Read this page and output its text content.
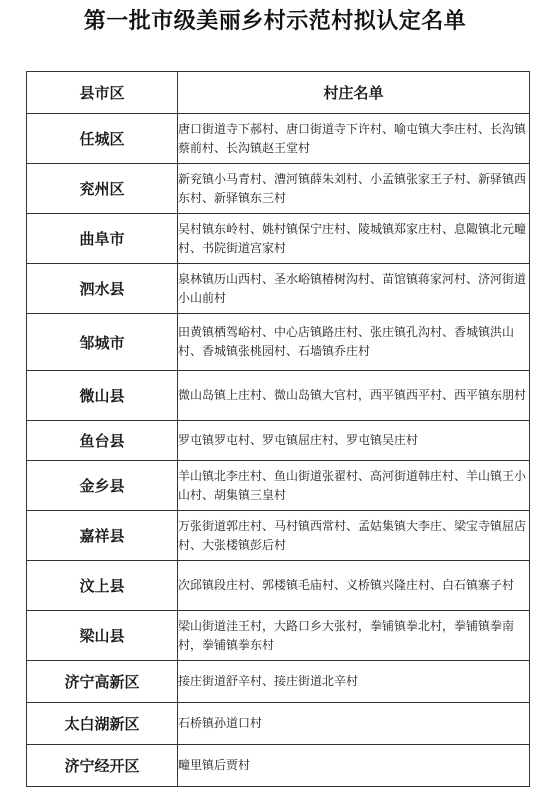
第一批市级美丽乡村示范村拟认定名单
县市区	村庄名单
任城区	唐口街道寺下郝村、唐口街道寺下许村、喻屯镇大李庄村、长沟镇蔡前村、长沟镇赵王堂村
兖州区	新兖镇小马青村、漕河镇薛朱刘村、小孟镇张家王子村、新驿镇西东村、新驿镇东三村
曲阜市	吴村镇东岭村、姚村镇保宁庄村、陵城镇郑家庄村、息陬镇北元疃村、书院街道宫家村
泗水县	泉林镇历山西村、圣水峪镇椿树沟村、苗馆镇蒋家河村、济河街道小山前村
邹城市	田黄镇栖驾峪村、中心店镇路庄村、张庄镇孔沟村、香城镇洪山村、香城镇张桃园村、石墙镇乔庄村
微山县	微山岛镇上庄村、微山岛镇大官村，西平镇西平村、西平镇东朋村
鱼台县	罗屯镇罗屯村、罗屯镇屈庄村、罗屯镇吴庄村
金乡县	羊山镇北李庄村、鱼山街道张翟村、高河街道韩庄村、羊山镇王小山村、胡集镇三皇村
嘉祥县	万张街道郭庄村、马村镇西常村、孟姑集镇大李庄、梁宝寺镇屈店村、大张楼镇彭后村
汶上县	次邱镇段庄村、郭楼镇毛庙村、义桥镇兴隆庄村、白石镇寨子村
梁山县	梁山街道洼王村，大路口乡大张村，拳铺镇拳北村，拳铺镇拳南村，拳铺镇拳东村
济宁高新区	接庄街道舒辛村、接庄街道北辛村
太白湖新区	石桥镇孙道口村
济宁经开区	疃里镇后贾村
